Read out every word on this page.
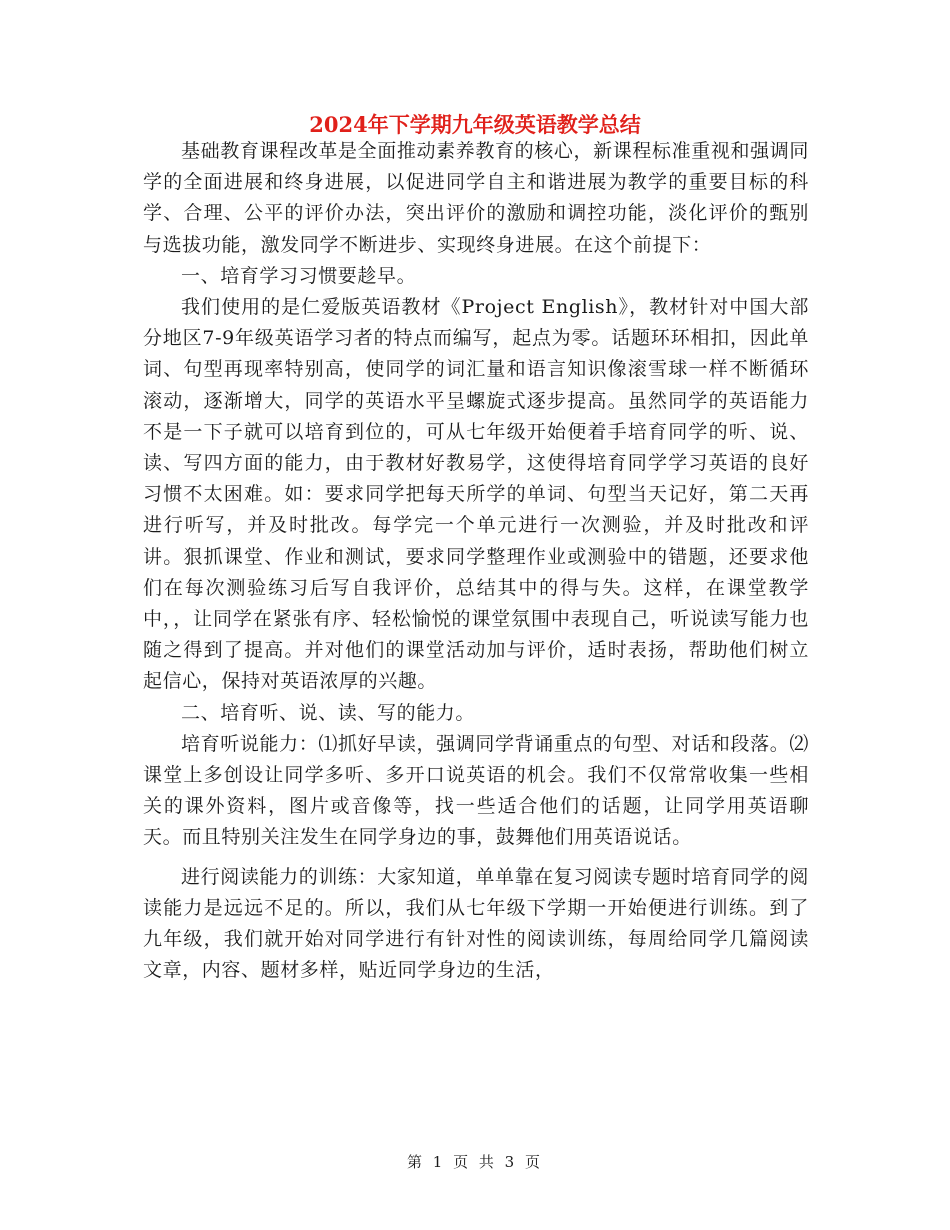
2024年下学期九年级英语教学总结

基础教育课程改革是全面推动素养教育的核心，新课程标准重视和强调同学的全面进展和终身进展，以促进同学自主和谐进展为教学的重要目标的科学、合理、公平的评价办法，突出评价的激励和调控功能，淡化评价的甄别与选拔功能，激发同学不断进步、实现终身进展。在这个前提下：

一、培育学习习惯要趁早。

我们使用的是仁爱版英语教材《Project English》，教材针对中国大部分地区7-9年级英语学习者的特点而编写，起点为零。话题环环相扣，因此单词、句型再现率特别高，使同学的词汇量和语言知识像滚雪球一样不断循环滚动，逐渐增大，同学的英语水平呈螺旋式逐步提高。虽然同学的英语能力不是一下子就可以培育到位的，可从七年级开始便着手培育同学的听、说、读、写四方面的能力，由于教材好教易学，这使得培育同学学习英语的良好习惯不太困难。如：要求同学把每天所学的单词、句型当天记好，第二天再进行听写，并及时批改。每学完一个单元进行一次测验，并及时批改和评讲。狠抓课堂、作业和测试，要求同学整理作业或测验中的错题，还要求他们在每次测验练习后写自我评价，总结其中的得与失。这样，在课堂教学中，，让同学在紧张有序、轻松愉悦的课堂氛围中表现自己，听说读写能力也随之得到了提高。并对他们的课堂活动加与评价，适时表扬，帮助他们树立起信心，保持对英语浓厚的兴趣。

二、培育听、说、读、写的能力。

培育听说能力：⑴抓好早读，强调同学背诵重点的句型、对话和段落。⑵课堂上多创设让同学多听、多开口说英语的机会。我们不仅常常收集一些相关的课外资料，图片或音像等，找一些适合他们的话题，让同学用英语聊天。而且特别关注发生在同学身边的事，鼓舞他们用英语说话。

进行阅读能力的训练：大家知道，单单靠在复习阅读专题时培育同学的阅读能力是远远不足的。所以，我们从七年级下学期一开始便进行训练。到了九年级，我们就开始对同学进行有针对性的阅读训练，每周给同学几篇阅读文章，内容、题材多样，贴近同学身边的生活，

第 1 页 共 3 页
